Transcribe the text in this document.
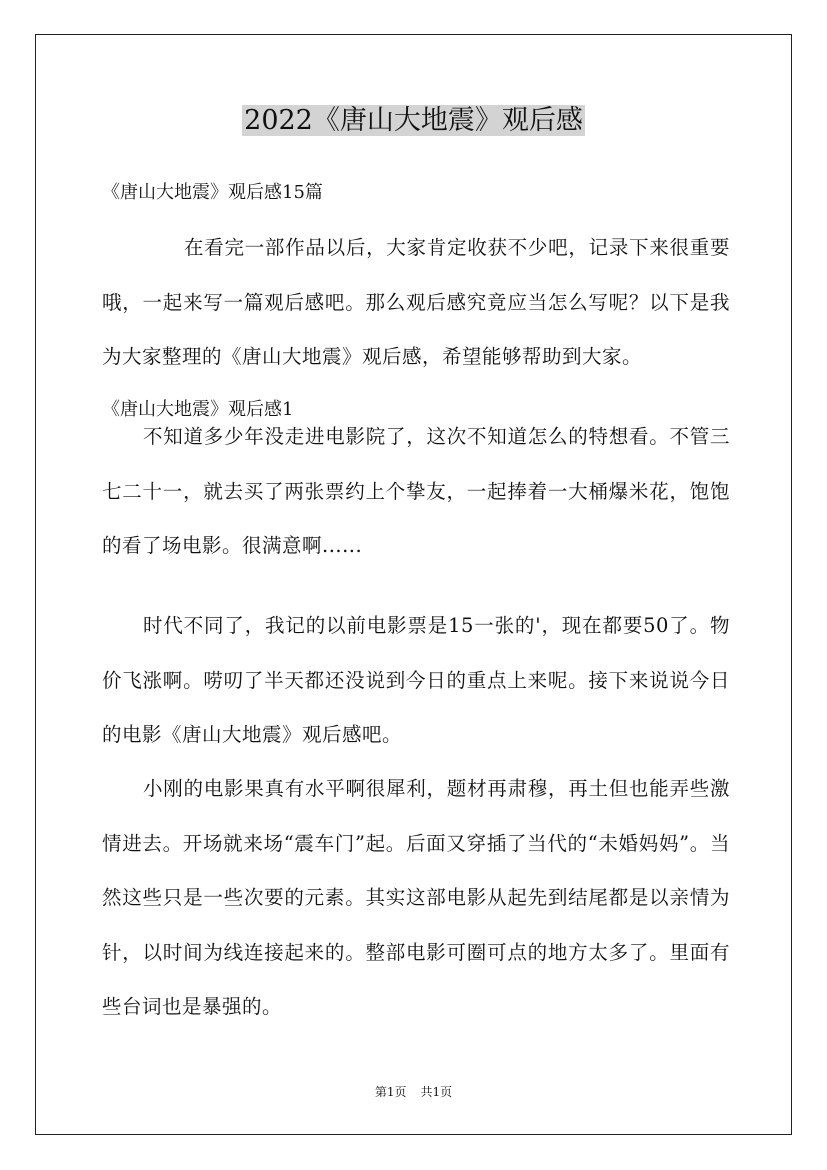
2022《唐山大地震》观后感
《唐山大地震》观后感15篇
在看完一部作品以后，大家肯定收获不少吧，记录下来很重要哦，一起来写一篇观后感吧。那么观后感究竟应当怎么写呢？以下是我为大家整理的《唐山大地震》观后感，希望能够帮助到大家。
《唐山大地震》观后感1
不知道多少年没走进电影院了，这次不知道怎么的特想看。不管三七二十一，就去买了两张票约上个挚友，一起捧着一大桶爆米花，饱饱的看了场电影。很满意啊......
时代不同了，我记的以前电影票是15一张的'，现在都要50了。物价飞涨啊。唠叨了半天都还没说到今日的重点上来呢。接下来说说今日的电影《唐山大地震》观后感吧。
小刚的电影果真有水平啊很犀利，题材再肃穆，再土但也能弄些激情进去。开场就来场“震车门”起。后面又穿插了当代的“未婚妈妈”。当然这些只是一些次要的元素。其实这部电影从起先到结尾都是以亲情为针，以时间为线连接起来的。整部电影可圈可点的地方太多了。里面有些台词也是暴强的。
第1页 共1页
